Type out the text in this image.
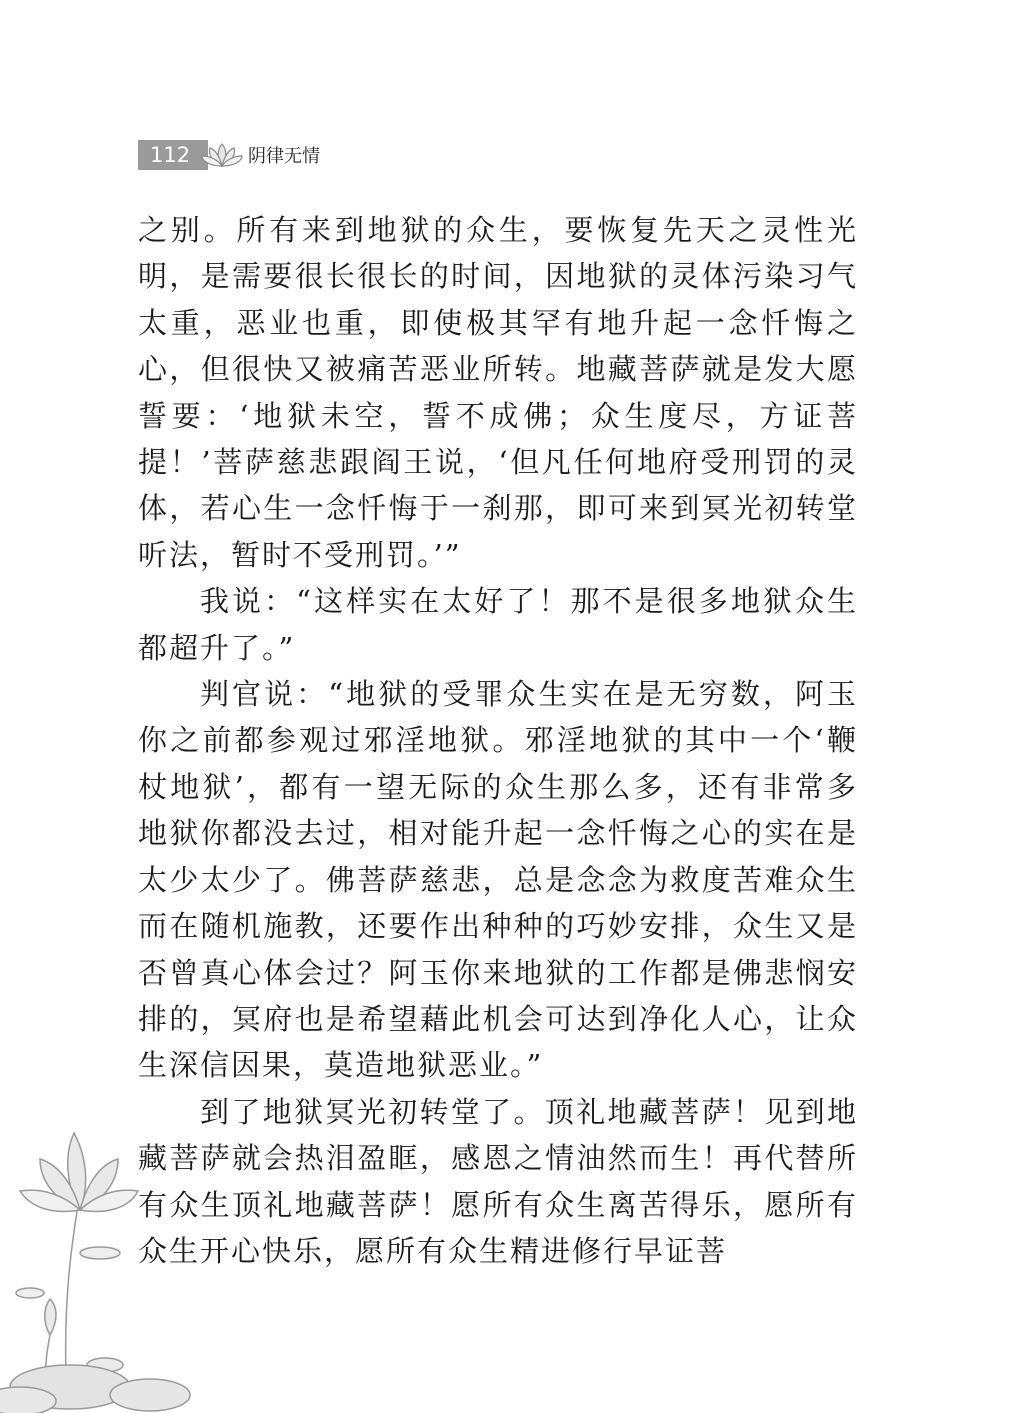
112	阴律无情

之别。所有来到地狱的众生，要恢复先天之灵性光明，是需要很长很长的时间，因地狱的灵体污染习气太重，恶业也重，即使极其罕有地升起一念忏悔之心，但很快又被痛苦恶业所转。地藏菩萨就是发大愿誓要：‘地狱未空，誓不成佛；众生度尽，方证菩提！’菩萨慈悲跟阎王说，‘但凡任何地府受刑罚的灵体，若心生一念忏悔于一刹那，即可来到冥光初转堂听法，暂时不受刑罚。’”

我说：“这样实在太好了！那不是很多地狱众生都超升了。”

判官说：“地狱的受罪众生实在是无穷数，阿玉你之前都参观过邪淫地狱。邪淫地狱的其中一个‘鞭杖地狱’，都有一望无际的众生那么多，还有非常多地狱你都没去过，相对能升起一念忏悔之心的实在是太少太少了。佛菩萨慈悲，总是念念为救度苦难众生而在随机施教，还要作出种种的巧妙安排，众生又是否曾真心体会过？阿玉你来地狱的工作都是佛悲悯安排的，冥府也是希望藉此机会可达到净化人心，让众生深信因果，莫造地狱恶业。”

到了地狱冥光初转堂了。顶礼地藏菩萨！见到地藏菩萨就会热泪盈眶，感恩之情油然而生！再代替所有众生顶礼地藏菩萨！愿所有众生离苦得乐，愿所有众生开心快乐，愿所有众生精进修行早证菩
